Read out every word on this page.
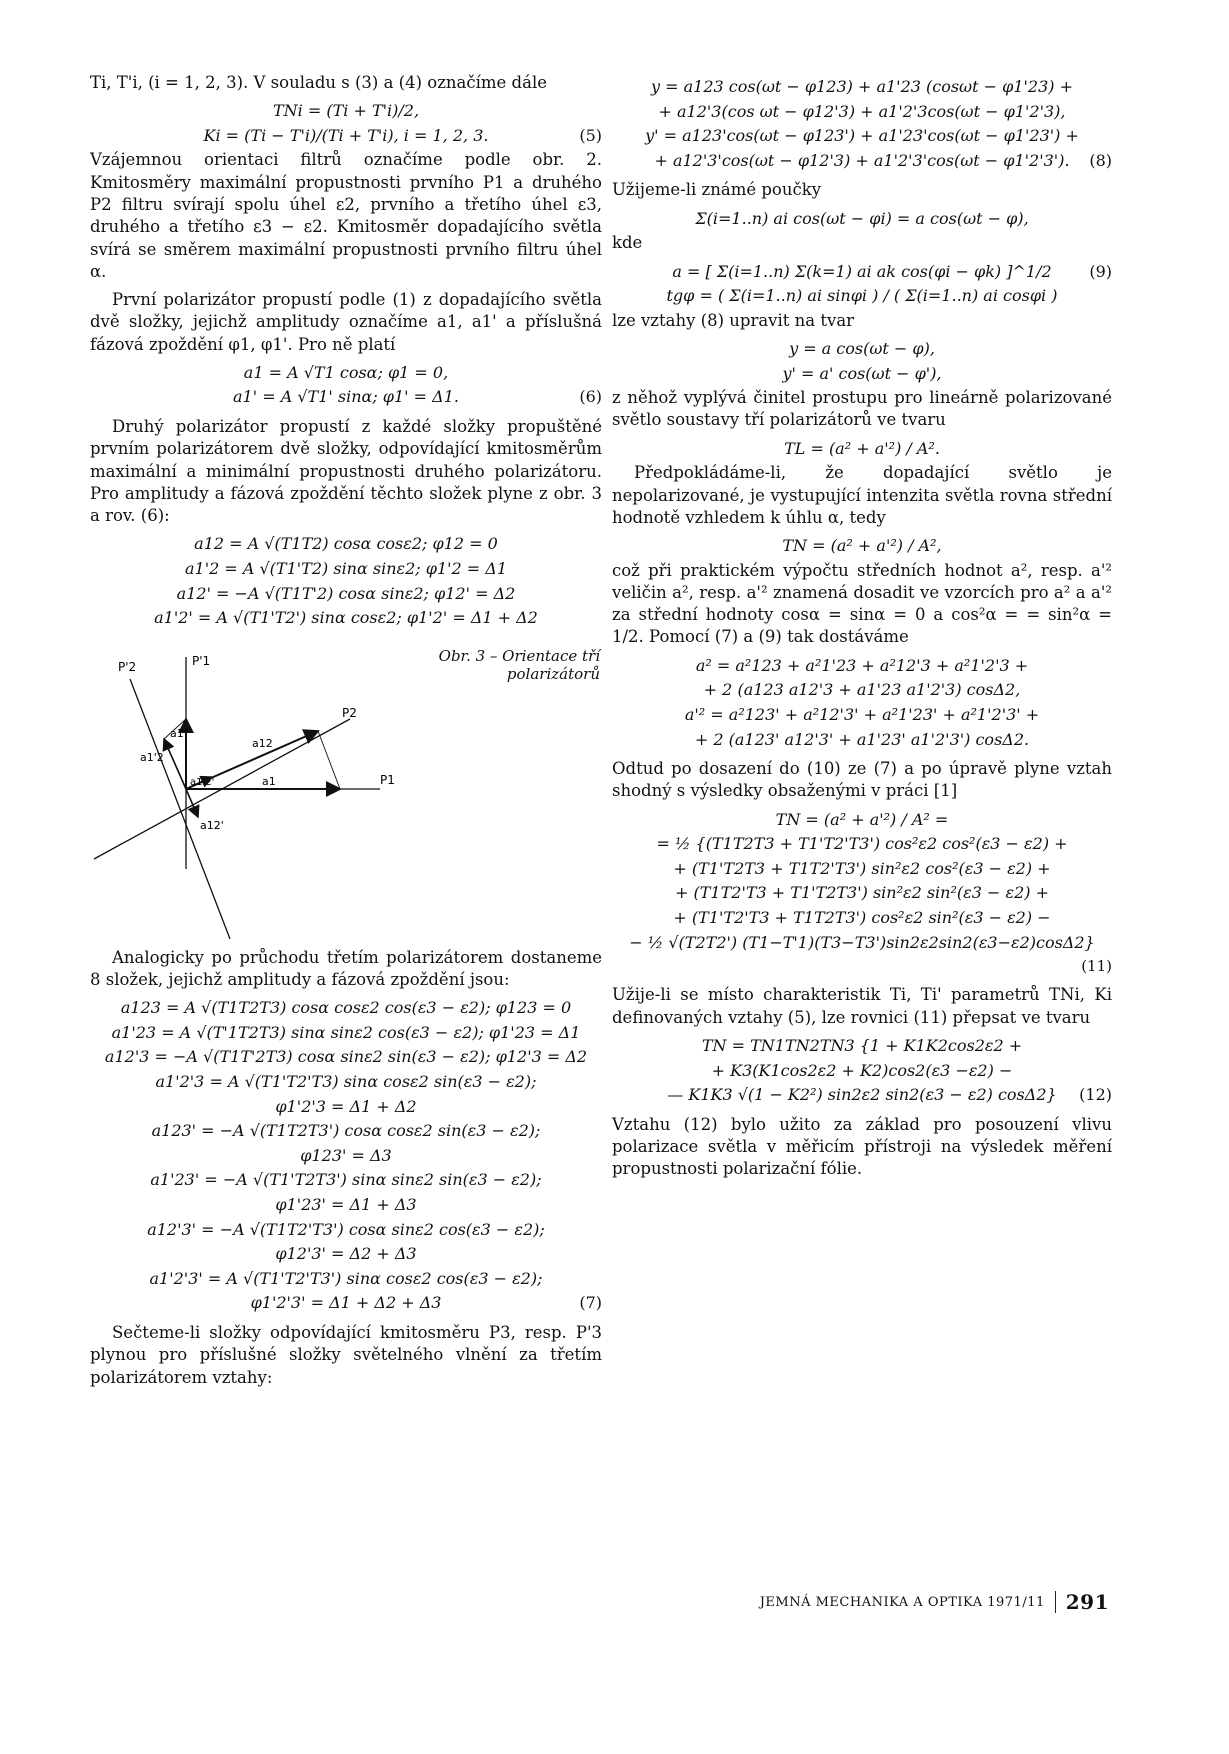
Ti, T'i, (i = 1, 2, 3). V souladu s (3) a (4) označíme dále

TNi = (Ti + T'i)/2,
Ki = (Ti − T'i)/(Ti + T'i), i = 1, 2, 3.	(5)

Vzájemnou orientaci filtrů označíme podle obr. 2. Kmitosměry maximální propustnosti prvního P1 a druhého P2 filtru svírají spolu úhel ε2, prvního a třetího úhel ε3, druhého a třetího ε3 − ε2. Kmitosměr dopadajícího světla svírá se směrem maximální propustnosti prvního filtru úhel α.

První polarizátor propustí podle (1) z dopadajícího světla dvě složky, jejichž amplitudy označíme a1, a1' a příslušná fázová zpoždění φ1, φ1'. Pro ně platí

a1 = A √T1 cosα; φ1 = 0,
a1' = A √T1' sinα; φ1' = Δ1.	(6)

Druhý polarizátor propustí z každé složky propuštěné prvním polarizátorem dvě složky, odpovídající kmitosměrům maximální a minimální propustnosti druhého polarizátoru. Pro amplitudy a fázová zpoždění těchto složek plyne z obr. 3 a rov. (6):

a12 = A √(T1T2) cosα cosε2; φ12 = 0
a1'2 = A √(T1'T2) sinα sinε2; φ1'2 = Δ1
a12' = −A √(T1T'2) cosα sinε2; φ12' = Δ2
a1'2' = A √(T1'T2') sinα cosε2; φ1'2' = Δ1 + Δ2
P'2	P'1
P2
P1
a1'
a12
a1'2
a1'2'	a1
a12'
Obr. 3 – Orientace tří polarizátorů

Analogicky po průchodu třetím polarizátorem dostaneme 8 složek, jejichž amplitudy a fázová zpoždění jsou:

a123 = A √(T1T2T3) cosα cosε2 cos(ε3 − ε2); φ123 = 0
a1'23 = A √(T'1T2T3) sinα sinε2 cos(ε3 − ε2); φ1'23 = Δ1
a12'3 = −A √(T1T'2T3) cosα sinε2 sin(ε3 − ε2); φ12'3 = Δ2
a1'2'3 = A √(T1'T2'T3) sinα cosε2 sin(ε3 − ε2);
φ1'2'3 = Δ1 + Δ2
a123' = −A √(T1T2T3') cosα cosε2 sin(ε3 − ε2);
φ123' = Δ3
a1'23' = −A √(T1'T2T3') sinα sinε2 sin(ε3 − ε2);
φ1'23' = Δ1 + Δ3
a12'3' = −A √(T1T2'T3') cosα sinε2 cos(ε3 − ε2);
φ12'3' = Δ2 + Δ3
a1'2'3' = A √(T1'T2'T3') sinα cosε2 cos(ε3 − ε2);
φ1'2'3' = Δ1 + Δ2 + Δ3	(7)

Sečteme-li složky odpovídající kmitosměru P3, resp. P'3 plynou pro příslušné složky světelného vlnění za třetím polarizátorem vztahy:

y = a123 cos(ωt − φ123) + a1'23 (cosωt − φ1'23) +
+ a12'3(cos ωt − φ12'3) + a1'2'3cos(ωt − φ1'2'3),
y' = a123'cos(ωt − φ123') + a1'23'cos(ωt − φ1'23') +
+ a12'3'cos(ωt − φ12'3) + a1'2'3'cos(ωt − φ1'2'3'). (8)

Užijeme-li známé poučky

Σ(i=1..n) ai cos(ωt − φi) = a cos(ωt − φ),

kde

a = [ Σ(i=1..n) Σ(k=1) ai ak cos(φi − φk) ]^1/2 (9)
tgφ = ( Σ(i=1..n) ai sinφi ) / ( Σ(i=1..n) ai cosφi )

lze vztahy (8) upravit na tvar

y = a cos(ωt − φ),
y' = a' cos(ωt − φ'),

z něhož vyplývá činitel prostupu pro lineárně polarizované světlo soustavy tří polarizátorů ve tvaru

TL = (a² + a'²) / A².

Předpokládáme-li, že dopadající světlo je nepolarizované, je vystupující intenzita světla rovna střední hodnotě vzhledem k úhlu α, tedy

TN = (a² + a'²) / A²,

což při praktickém výpočtu středních hodnot a², resp. a'² veličin a², resp. a'² znamená dosadit ve vzorcích pro a² a a'² za střední hodnoty cosα = sinα = 0 a cos²α = = sin²α = 1/2. Pomocí (7) a (9) tak dostáváme

a² = a²123 + a²1'23 + a²12'3 + a²1'2'3 +
+ 2 (a123 a12'3 + a1'23 a1'2'3) cosΔ2,
a'² = a²123' + a²12'3' + a²1'23' + a²1'2'3' +
+ 2 (a123' a12'3' + a1'23' a1'2'3') cosΔ2.

Odtud po dosazení do (10) ze (7) a po úpravě plyne vztah shodný s výsledky obsaženými v práci [1]

TN = (a² + a'²) / A² =
= ½ {(T1T2T3 + T1'T2'T3') cos²ε2 cos²(ε3 − ε2) +
+ (T1'T2T3 + T1T2'T3') sin²ε2 cos²(ε3 − ε2) +
+ (T1T2'T3 + T1'T2T3') sin²ε2 sin²(ε3 − ε2) +
+ (T1'T2'T3 + T1T2T3') cos²ε2 sin²(ε3 − ε2) −
− ½ √(T2T2') (T1−T'1)(T3−T3')sin2ε2sin2(ε3−ε2)cosΔ2}
(11)

Užije-li se místo charakteristik Ti, Ti' parametrů TNi, Ki definovaných vztahy (5), lze rovnici (11) přepsat ve tvaru

TN = TN1TN2TN3 {1 + K1K2cos2ε2 +
+ K3(K1cos2ε2 + K2)cos2(ε3 −ε2) −
— K1K3 √(1 − K2²) sin2ε2 sin2(ε3 − ε2) cosΔ2} (12)

Vztahu (12) bylo užito za základ pro posouzení vlivu polarizace světla v měřicím přístroji na výsledek měření propustnosti polarizační fólie.

JEMNÁ MECHANIKA A OPTIKA 1971/11 291
